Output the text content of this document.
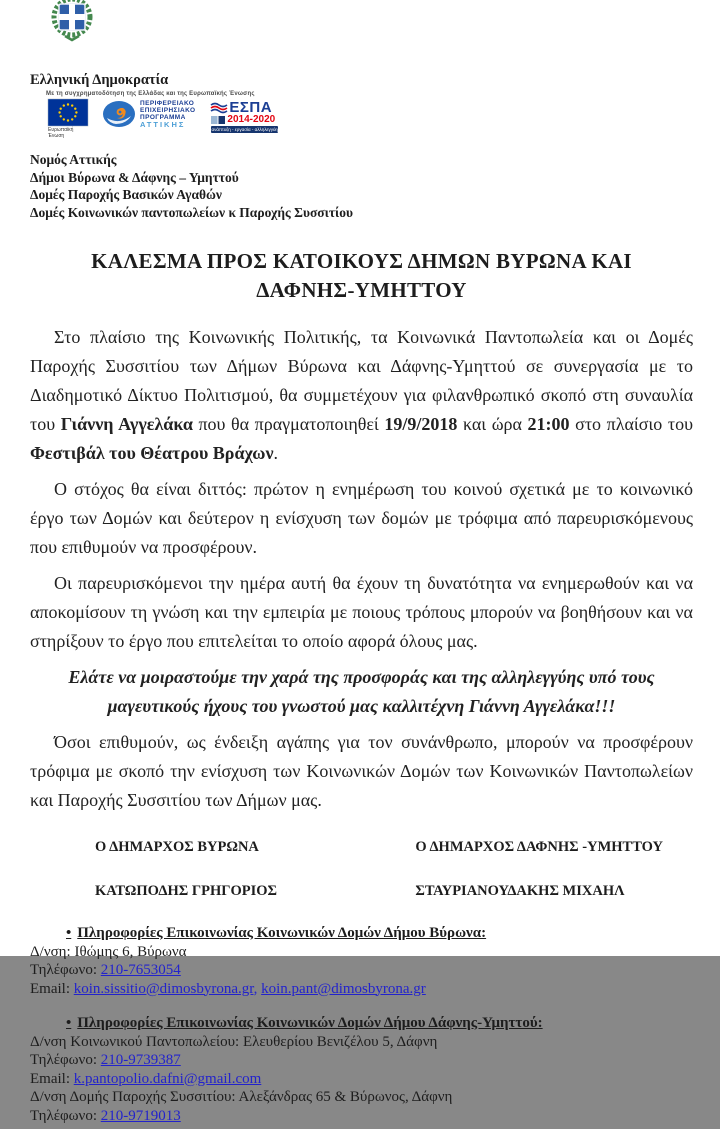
Ελληνική Δημοκρατία
Με τη συγχρηματοδότηση της Ελλάδας και της Ευρωπαϊκής Ένωσης
Ευρωπαϊκή Ένωση
ΠΕΡΙΦΕΡΕΙΑΚΟ
ΕΠΙΧΕΙΡΗΣΙΑΚΟ
ΠΡΟΓΡΑΜΜΑ
ΑΤΤΙΚΗΣ
ΕΣΠΑ
2014-2020
ανάπτυξη - εργασία - αλληλεγγύη
Νομός Αττικής
Δήμοι Βύρωνα & Δάφνης – Υμηττού
Δομές Παροχής Βασικών Αγαθών
Δομές Κοινωνικών παντοπωλείων κ Παροχής Συσσιτίου
ΚΑΛΕΣΜΑ ΠΡΟΣ ΚΑΤΟΙΚΟΥΣ ΔΗΜΩΝ ΒΥΡΩΝΑ ΚΑΙ ΔΑΦΝΗΣ-ΥΜΗΤΤΟΥ

Στο πλαίσιο της Κοινωνικής Πολιτικής, τα Κοινωνικά Παντοπωλεία και οι Δομές Παροχής Συσσιτίου των Δήμων Βύρωνα και Δάφνης-Υμηττού σε συνεργασία με το Διαδημοτικό Δίκτυο Πολιτισμού, θα συμμετέχουν για φιλανθρωπικό σκοπό στη συναυλία του Γιάννη Αγγελάκα που θα πραγματοποιηθεί 19/9/2018 και ώρα 21:00 στο πλαίσιο του Φεστιβάλ του Θέατρου Βράχων.

Ο στόχος θα είναι διττός: πρώτον η ενημέρωση του κοινού σχετικά με το κοινωνικό έργο των Δομών και δεύτερον η ενίσχυση των δομών με τρόφιμα από παρευρισκόμενους που επιθυμούν να προσφέρουν.

Οι παρευρισκόμενοι την ημέρα αυτή θα έχουν τη δυνατότητα να ενημερωθούν και να αποκομίσουν τη γνώση και την εμπειρία με ποιους τρόπους μπορούν να βοηθήσουν και να στηρίξουν το έργο που επιτελείται το οποίο αφορά όλους μας.

Ελάτε να μοιραστούμε την χαρά της προσφοράς και της αλληλεγγύης υπό τους μαγευτικούς ήχους του γνωστού μας καλλιτέχνη Γιάννη Αγγελάκα!!!

Όσοι επιθυμούν, ως ένδειξη αγάπης για τον συνάνθρωπο, μπορούν να προσφέρουν τρόφιμα με σκοπό την ενίσχυση των Κοινωνικών Δομών των Κοινωνικών Παντοπωλείων και Παροχής Συσσιτίου των Δήμων μας.

Ο ΔΗΜΑΡΧΟΣ ΒΥΡΩΝΑ
ΚΑΤΩΠΟΔΗΣ ΓΡΗΓΟΡΙΟΣ
Ο ΔΗΜΑΡΧΟΣ ΔΑΦΝΗΣ -ΥΜΗΤΤΟΥ
ΣΤΑΥΡΙΑΝΟΥΔΑΚΗΣ ΜΙΧΑΗΛ
• Πληροφορίες Επικοινωνίας Κοινωνικών Δομών Δήμου Βύρωνα:
Δ/νση: Ιθώμης 6, Βύρωνα
Τηλέφωνο: 210-7653054
Email: koin.sissitio@dimosbyrona.gr, koin.pant@dimosbyrona.gr
• Πληροφορίες Επικοινωνίας Κοινωνικών Δομών Δήμου Δάφνης-Υμηττού:
Δ/νση Κοινωνικού Παντοπωλείου: Ελευθερίου Βενιζέλου 5, Δάφνη
Τηλέφωνο: 210-9739387
Email: k.pantopolio.dafni@gmail.com
Δ/νση Δομής Παροχής Συσσιτίου: Αλεξάνδρας 65 & Βύρωνος, Δάφνη
Τηλέφωνο: 210-9719013
